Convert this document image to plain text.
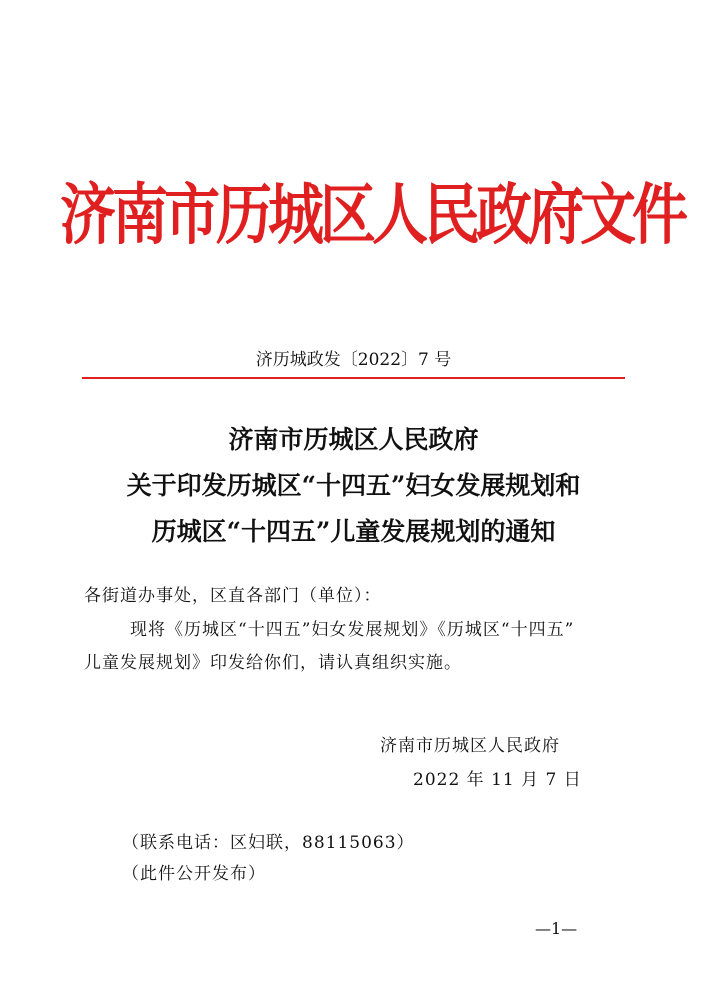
济南市历城区人民政府文件
济历城政发〔2022〕7 号
济南市历城区人民政府
关于印发历城区“十四五”妇女发展规划和
历城区“十四五”儿童发展规划的通知
各街道办事处，区直各部门（单位）：
现将《历城区“十四五”妇女发展规划》《历城区“十四五”
儿童发展规划》印发给你们，请认真组织实施。
济南市历城区人民政府
2022 年 11 月 7 日
（联系电话：区妇联，88115063）
（此件公开发布）
—1—
